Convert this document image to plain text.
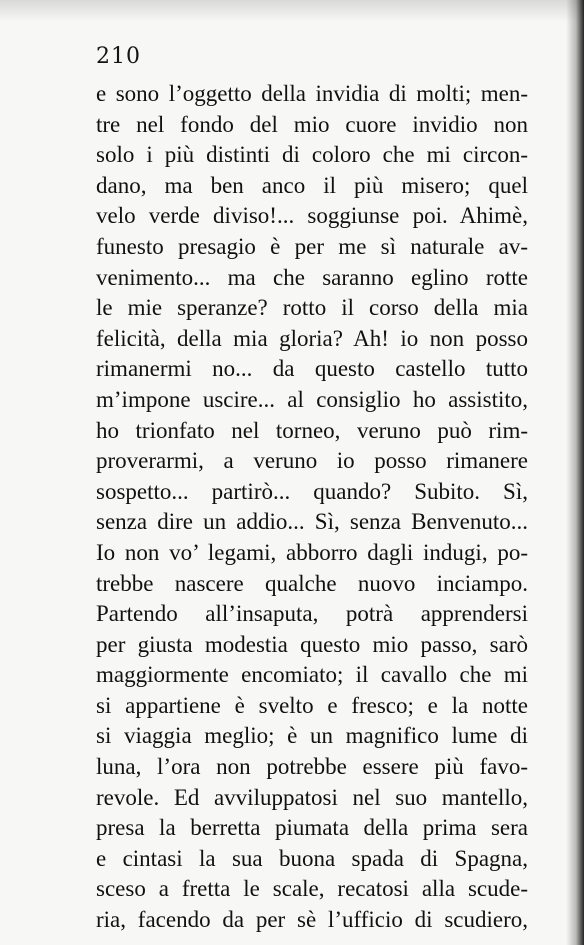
210
e sono l’oggetto della invidia di molti; men-
tre nel fondo del mio cuore invidio non
solo i più distinti di coloro che mi circon-
dano, ma ben anco il più misero; quel
velo verde diviso!... soggiunse poi. Ahimè,
funesto presagio è per me sì naturale av-
venimento... ma che saranno eglino rotte
le mie speranze? rotto il corso della mia
felicità, della mia gloria? Ah! io non posso
rimanermi no... da questo castello tutto
m’impone uscire... al consiglio ho assistito,
ho trionfato nel torneo, veruno può rim-
proverarmi, a veruno io posso rimanere
sospetto... partirò... quando? Subito. Sì,
senza dire un addio... Sì, senza Benvenuto...
Io non vo’ legami, abborro dagli indugi, po-
trebbe nascere qualche nuovo inciampo.
Partendo all’insaputa, potrà apprendersi
per giusta modestia questo mio passo, sarò
maggiormente encomiato; il cavallo che mi
si appartiene è svelto e fresco; e la notte
si viaggia meglio; è un magnifico lume di
luna, l’ora non potrebbe essere più favo-
revole. Ed avviluppatosi nel suo mantello,
presa la berretta piumata della prima sera
e cintasi la sua buona spada di Spagna,
sceso a fretta le scale, recatosi alla scude-
ria, facendo da per sè l’ufficio di scudiero,
